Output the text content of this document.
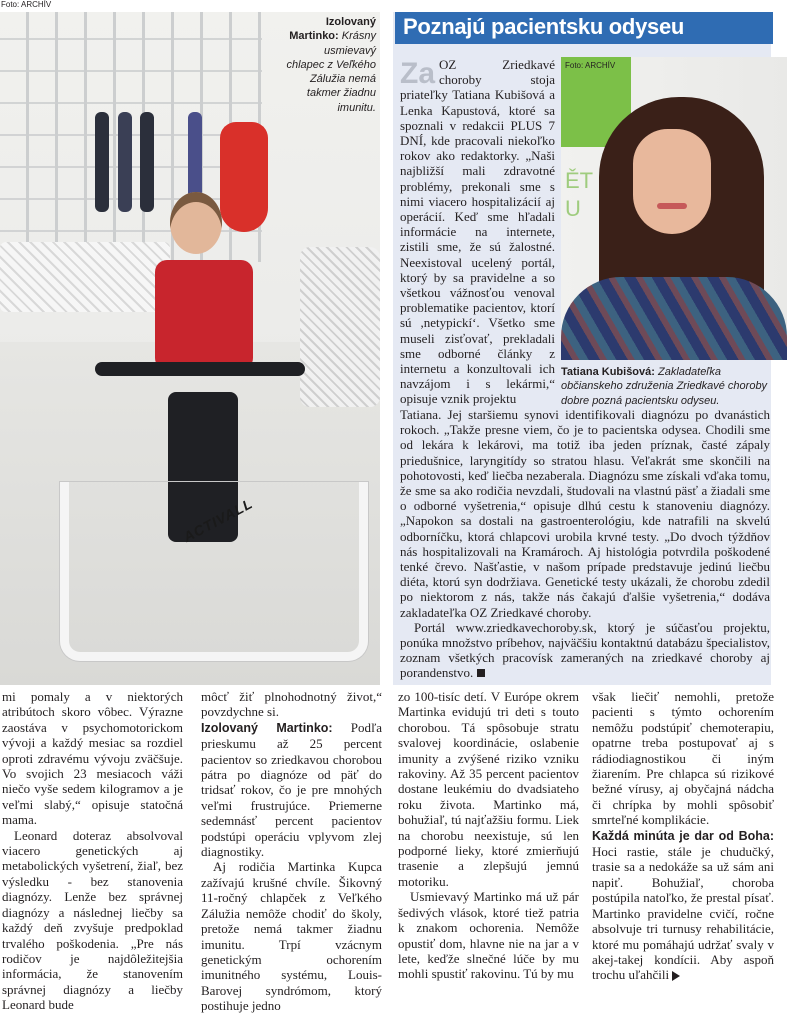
Foto: ARCHÍV
ACTIVALL
Izolovaný Martinko: Krásny usmievavý chlapec z Veľkého Zálužia nemá takmer žiadnu imunitu.
Poznajú pacientsku odyseu
ĚT
U
Foto: ARCHÍV

Za OZ Zriedkavé choroby stoja priateľky Tatiana Kubišová a Lenka Kapustová, ktoré sa spoznali v redakcii PLUS 7 DNÍ, kde pracovali niekoľko rokov ako redaktorky. „Naši najbližší mali zdravotné problémy, prekonali sme s nimi viacero hospitalizácií aj operácií. Keď sme hľadali informácie na internete, zistili sme, že sú žalostné. Neexistoval ucelený portál, ktorý by sa pravidelne a so všetkou vážnosťou venoval problematike pacientov, ktorí sú ,netypickí‘. Všetko sme museli zisťovať, prekladali sme odborné články z internetu a konzultovali ich navzájom i s lekármi,“ opisuje vznik projektu

Tatiana Kubišová: Zakladateľka občianskeho združenia Zriedkavé choroby dobre pozná pacientsku odyseu.

mi pomaly a v niektorých atribútoch skoro vôbec. Výrazne zaostáva v psychomotorickom vývoji a každý mesiac sa rozdiel oproti zdravému vývoju zväčšuje. Vo svojich 23 mesiacoch váži niečo vyše sedem kilogramov a je veľmi slabý,“ opisuje statočná mama.

Leonard doteraz absolvoval viacero genetických aj metabolických vyšetrení, žiaľ, bez výsledku - bez stanovenia diagnózy. Lenže bez správnej diagnózy a následnej liečby sa každý deň zvyšuje predpoklad trvalého poškodenia. „Pre nás rodičov je najdôležitejšia informácia, že stanovením správnej diagnózy a liečby Leonard bude

môcť žiť plnohodnotný život,“ povzdychne si.

Izolovaný Martinko: Podľa prieskumu až 25 percent pacientov so zriedkavou chorobou pátra po diagnóze od päť do tridsať rokov, čo je pre mnohých veľmi frustrujúce. Priemerne sedemnásť percent pacientov podstúpi operáciu vplyvom zlej diagnostiky.

Aj rodičia Martinka Kupca zažívajú krušné chvíle. Šikovný 11-ročný chlapček z Veľkého Zálužia nemôže chodiť do školy, pretože nemá takmer žiadnu imunitu. Trpí vzácnym genetickým ochorením imunitného systému, Louis-Barovej syndrómom, ktorý postihuje jedno

zo 100-tisíc detí. V Európe okrem Martinka evidujú tri deti s touto chorobou. Tá spôsobuje stratu svalovej koordinácie, oslabenie imunity a zvýšené riziko vzniku rakoviny. Až 35 percent pacientov dostane leukémiu do dvadsiateho roku života. Martinko má, bohužiaľ, tú najťažšiu formu. Liek na chorobu neexistuje, sú len podporné lieky, ktoré zmierňujú trasenie a zlepšujú jemnú motoriku.

Usmievavý Martinko má už pár šedivých vlások, ktoré tiež patria k znakom ochorenia. Nemôže opustiť dom, hlavne nie na jar a v lete, keďže slnečné lúče by mu mohli spustiť rakovinu. Tú by mu

však liečiť nemohli, pretože pacienti s týmto ochorením nemôžu podstúpiť chemoterapiu, opatrne treba postupovať aj s rádiodiagnostikou či iným žiarením. Pre chlapca sú rizikové bežné vírusy, aj obyčajná nádcha či chrípka by mohli spôsobiť smrteľné komplikácie.

Každá minúta je dar od Boha: Hoci rastie, stále je chudučký, trasie sa a nedokáže sa už sám ani napiť. Bohužiaľ, choroba postúpila natoľko, že prestal písať. Martinko pravidelne cvičí, ročne absolvuje tri turnusy rehabilitácie, ktoré mu pomáhajú udržať svaly v akej-takej kondícii. Aby aspoň trochu uľahčili

Tatiana. Jej staršiemu synovi identifikovali diagnózu po dvanástich rokoch. „Takže presne viem, čo je to pacientska odysea. Chodili sme od lekára k lekárovi, ma totiž iba jeden príznak, časté zápaly priedušnice, laryngitídy so stratou hlasu. Veľakrát sme skončili na pohotovosti, keď liečba nezaberala. Diagnózu sme získali vďaka tomu, že sme sa ako rodičia nevzdali, študovali na vlastnú päsť a žiadali sme o odborné vyšetrenia,“ opisuje dlhú cestu k stanoveniu diagnózy. „Napokon sa dostali na gastroenterológiu, kde natrafili na skvelú odborníčku, ktorá chlapcovi urobila krvné testy. „Do dvoch týždňov nás hospitalizovali na Kramároch. Aj histológia potvrdila poškodené tenké črevo. Našťastie, v našom prípade predstavuje jedinú liečbu diéta, ktorú syn dodržiava. Genetické testy ukázali, že chorobu zdedil po niektorom z nás, takže nás čakajú ďalšie vyšetrenia,“ dodáva zakladateľka OZ Zriedkavé choroby.

Portál www.zriedkavechoroby.sk, ktorý je súčasťou projektu, ponúka množstvo príbehov, najväčšiu kontaktnú databázu špecialistov, zoznam všetkých pracovísk zameraných na zriedkavé choroby aj porandenstvo.
